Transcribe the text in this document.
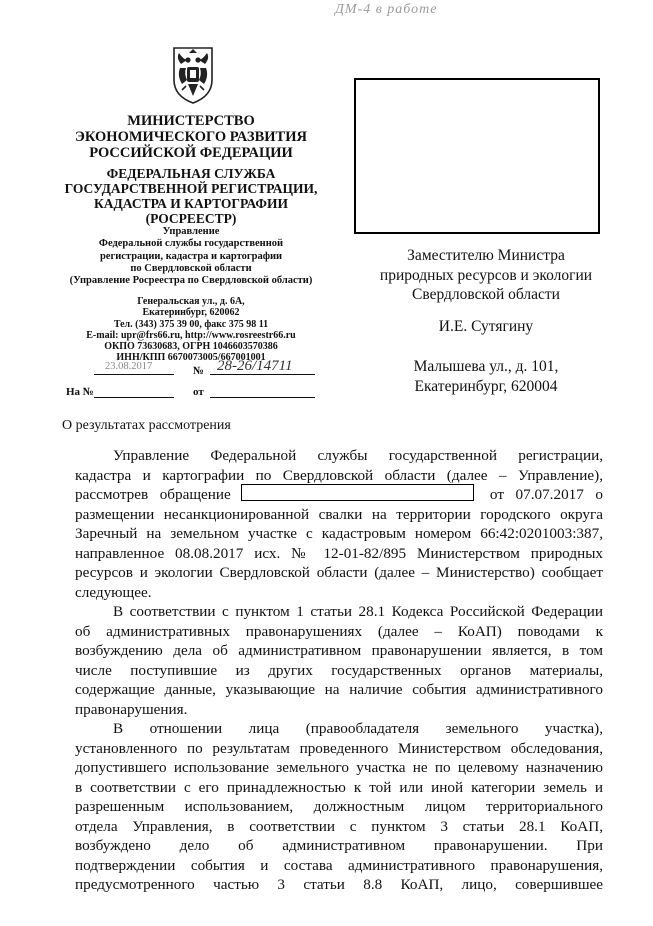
ДМ-4 в работе
МИНИСТЕРСТВО
ЭКОНОМИЧЕСКОГО РАЗВИТИЯ
РОССИЙСКОЙ ФЕДЕРАЦИИ
ФЕДЕРАЛЬНАЯ СЛУЖБА
ГОСУДАРСТВЕННОЙ РЕГИСТРАЦИИ,
КАДАСТРА И КАРТОГРАФИИ
(РОСРЕЕСТР)
Управление
Федеральной службы государственной
регистрации, кадастра и картографии
по Свердловской области
(Управление Росреестра по Свердловской области)
Генеральская ул., д. 6А,
Екатеринбург, 620062
Тел. (343) 375 39 00, факс 375 98 11
E-mail: upr@frs66.ru, http://www.rosreestr66.ru
ОКПО 73630683, ОГРН 1046603570386
ИНН/КПП 6670073005/667001001
23.08.2017	№ 28-26/14711
На №	от
Заместителю Министра
природных ресурсов и экологии
Свердловской области
И.Е. Сутягину
Малышева ул., д. 101,
Екатеринбург, 620004
О результатах рассмотрения
Управление Федеральной службы государственной регистрации,
кадастра и картографии по Свердловской области (далее – Управление),
рассмотрев обращение	от 07.07.2017 о
размещении несанкционированной свалки на территории городского округа
Заречный на земельном участке с кадастровым номером 66:42:0201003:387,
направленное 08.08.2017 исх. № 12-01-82/895 Министерством природных
ресурсов и экологии Свердловской области (далее – Министерство) сообщает
следующее.
В соответствии с пунктом 1 статьи 28.1 Кодекса Российской Федерации
об административных правонарушениях (далее – КоАП) поводами к
возбуждению дела об административном правонарушении является, в том
числе поступившие из других государственных органов материалы,
содержащие данные, указывающие на наличие события административного
правонарушения.
В отношении лица (правообладателя земельного участка),
установленного по результатам проведенного Министерством обследования,
допустившего использование земельного участка не по целевому назначению
в соответствии с его принадлежностью к той или иной категории земель и
разрешенным использованием, должностным лицом территориального
отдела Управления, в соответствии с пунктом 3 статьи 28.1 КоАП,
возбуждено дело об административном правонарушении. При
подтверждении события и состава административного правонарушения,
предусмотренного частью 3 статьи 8.8 КоАП, лицо, совершившее
